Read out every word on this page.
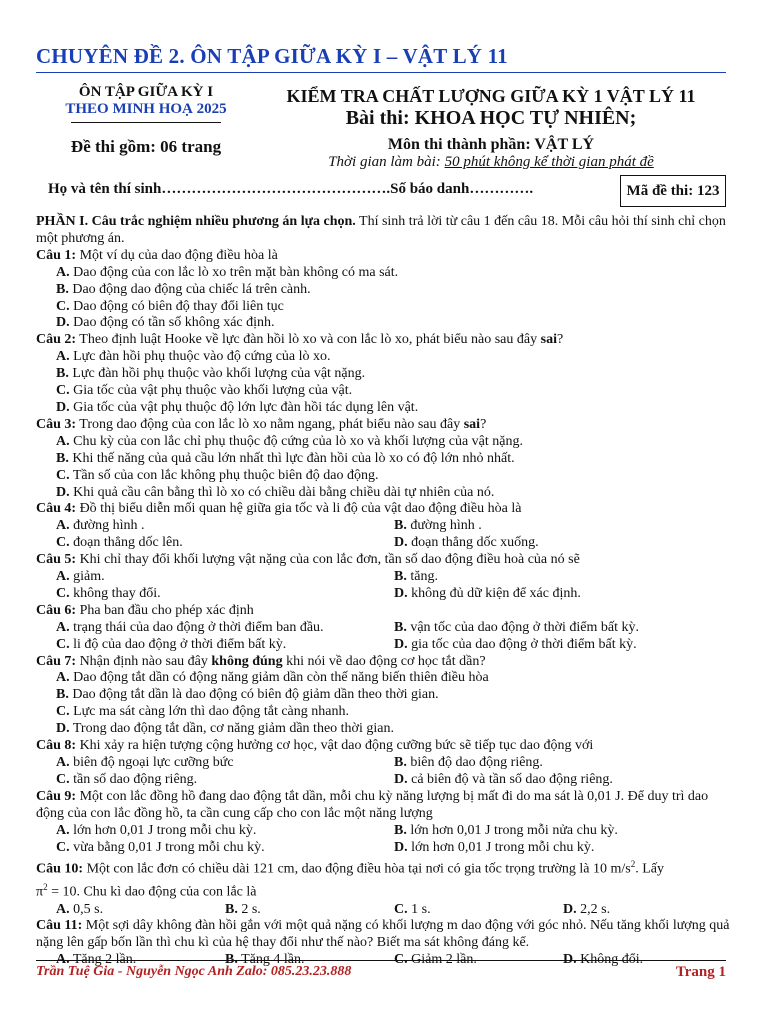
CHUYÊN ĐỀ 2. ÔN TẬP GIỮA KỲ I – VẬT LÝ 11
ÔN TẬP GIỮA KỲ I
THEO MINH HOẠ 2025
Đề thi gồm: 06 trang
KIỂM TRA CHẤT LƯỢNG GIỮA KỲ 1 VẬT LÝ 11
Bài thi: KHOA HỌC TỰ NHIÊN;
Môn thi thành phần: VẬT LÝ
Thời gian làm bài: 50 phút không kể thời gian phát đề
Họ và tên thí sinh……………………………………….Số báo danh………….	Mã đề thi: 123

PHẦN I. Câu trắc nghiệm nhiều phương án lựa chọn. Thí sinh trả lời từ câu 1 đến câu 18. Mỗi câu hỏi thí sinh chỉ chọn một phương án.

Câu 1: Một ví dụ của dao động điều hòa là

A. Dao động của con lắc lò xo trên mặt bàn không có ma sát.
B. Dao động dao động của chiếc lá trên cành.
C. Dao động có biên độ thay đổi liên tục
D. Dao động có tần số không xác định.

Câu 2: Theo định luật Hooke về lực đàn hồi lò xo và con lắc lò xo, phát biểu nào sau đây sai?

A. Lực đàn hồi phụ thuộc vào độ cứng của lò xo.
B. Lực đàn hồi phụ thuộc vào khối lượng của vật nặng.
C. Gia tốc của vật phụ thuộc vào khối lượng của vật.
D. Gia tốc của vật phụ thuộc độ lớn lực đàn hồi tác dụng lên vật.

Câu 3: Trong dao động của con lắc lò xo nằm ngang, phát biểu nào sau đây sai?

A. Chu kỳ của con lắc chỉ phụ thuộc độ cứng của lò xo và khối lượng của vật nặng.
B. Khi thế năng của quả cầu lớn nhất thì lực đàn hồi của lò xo có độ lớn nhỏ nhất.
C. Tần số của con lắc không phụ thuộc biên độ dao động.
D. Khi quả cầu cân bằng thì lò xo có chiều dài bằng chiều dài tự nhiên của nó.

Câu 4: Đồ thị biểu diễn mối quan hệ giữa gia tốc và li độ của vật dao động điều hòa là

A. đường hình .	B. đường hình .
C. đoạn thẳng dốc lên.	D. đoạn thẳng dốc xuống.

Câu 5: Khi chỉ thay đổi khối lượng vật nặng của con lắc đơn, tần số dao động điều hoà của nó sẽ

A. giảm.	B. tăng.
C. không thay đổi.	D. không đủ dữ kiện để xác định.

Câu 6: Pha ban đầu cho phép xác định

A. trạng thái của dao động ở thời điểm ban đầu.	B. vận tốc của dao động ở thời điểm bất kỳ.
C. li độ của dao động ở thời điểm bất kỳ.	D. gia tốc của dao động ở thời điểm bất kỳ.

Câu 7: Nhận định nào sau đây không đúng khi nói về dao động cơ học tắt dần?

A. Dao động tắt dần có động năng giảm dần còn thế năng biến thiên điều hòa
B. Dao động tắt dần là dao động có biên độ giảm dần theo thời gian.
C. Lực ma sát càng lớn thì dao động tắt càng nhanh.
D. Trong dao động tắt dần, cơ năng giảm dần theo thời gian.

Câu 8: Khi xảy ra hiện tượng cộng hưởng cơ học, vật dao động cưỡng bức sẽ tiếp tục dao động với

A. biên độ ngoại lực cưỡng bức	B. biên độ dao động riêng.
C. tần số dao động riêng.	D. cả biên độ và tần số dao động riêng.

Câu 9: Một con lắc đồng hồ đang dao động tắt dần, mỗi chu kỳ năng lượng bị mất đi do ma sát là 0,01 J. Để duy trì dao động của con lắc đồng hồ, ta cần cung cấp cho con lắc một năng lượng

A. lớn hơn 0,01 J trong mỗi chu kỳ.	B. lớn hơn 0,01 J trong mỗi nửa chu kỳ.
C. vừa bằng 0,01 J trong mỗi chu kỳ.	D. lớn hơn 0,01 J trong mỗi chu kỳ.

Câu 10: Một con lắc đơn có chiều dài 121 cm, dao động điều hòa tại nơi có gia tốc trọng trường là 10 $m/s^2$. Lấy

$\pi^2 = 10$. Chu kì dao động của con lắc là

A. 0,5 s.	B. 2 s.	C. 1 s.	D. 2,2 s.

Câu 11: Một sợi dây không đàn hồi gắn với một quả nặng có khối lượng m dao động với góc nhỏ. Nếu tăng khối lượng quả nặng lên gấp bốn lần thì chu kì của hệ thay đổi như thế nào? Biết ma sát không đáng kể.

A. Tăng 2 lần.	B. Tăng 4 lần.	C. Giảm 2 lần.	D. Không đổi.
Trần Tuệ Gia - Nguyễn Ngọc Anh Zalo: 085.23.23.888	Trang 1
